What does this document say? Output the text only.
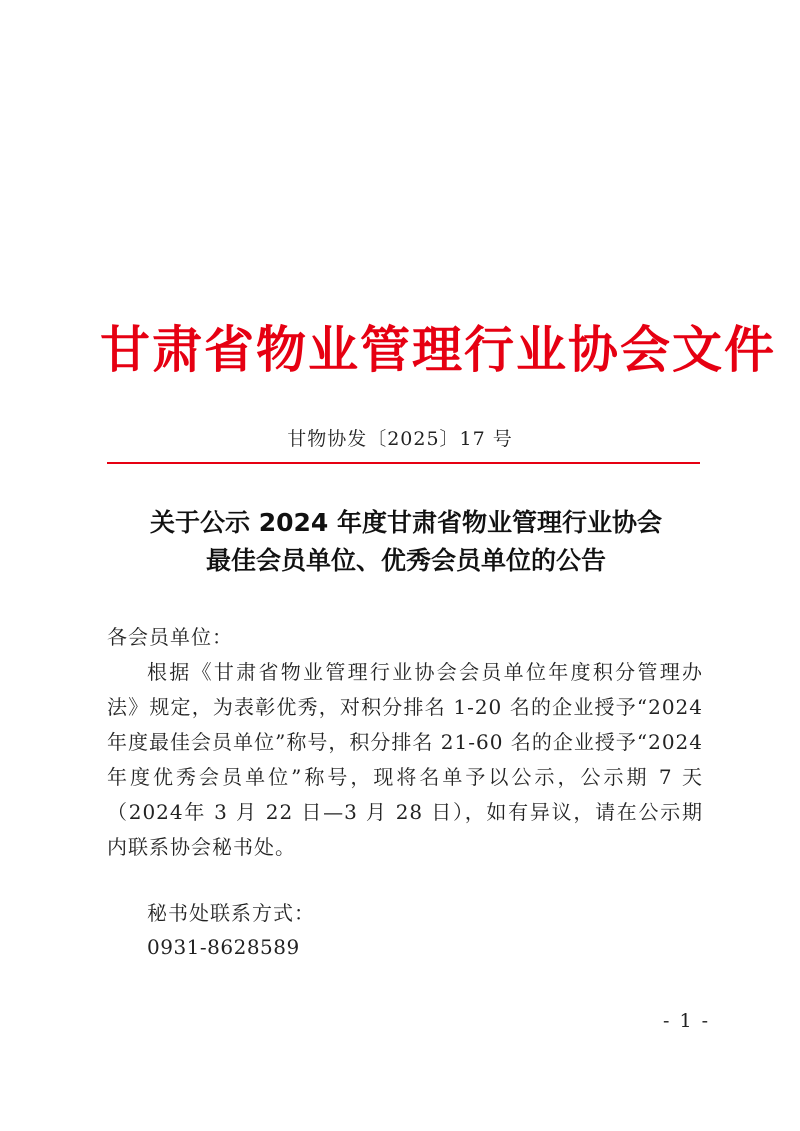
甘肃省物业管理行业协会文件
甘物协发〔2025〕17 号
关于公示 2024 年度甘肃省物业管理行业协会
最佳会员单位、优秀会员单位的公告
各会员单位：
根据《甘肃省物业管理行业协会会员单位年度积分管理办法》规定，为表彰优秀，对积分排名 1-20 名的企业授予“2024年度最佳会员单位”称号，积分排名 21-60 名的企业授予“2024年度优秀会员单位”称号，现将名单予以公示，公示期 7 天（2024年 3 月 22 日—3 月 28 日），如有异议，请在公示期内联系协会秘书处。
秘书处联系方式：
0931-8628589
- 1 -
